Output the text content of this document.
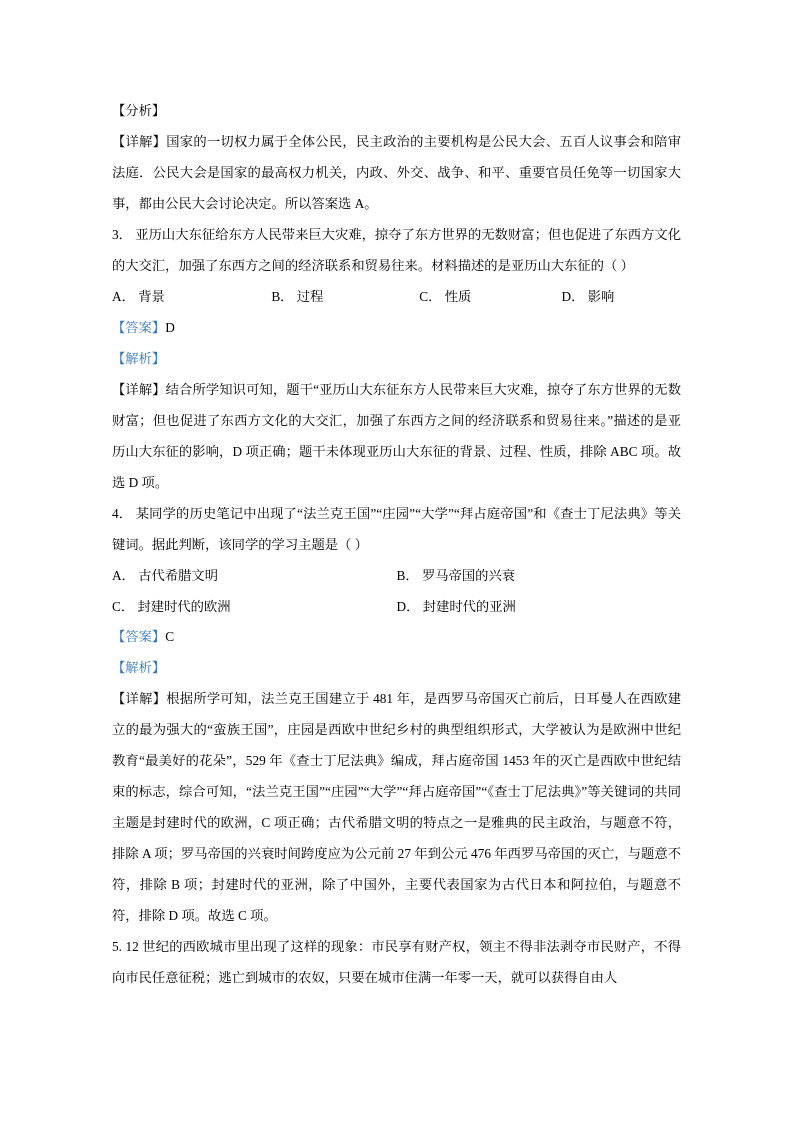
【分析】

【详解】国家的一切权力属于全体公民，民主政治的主要机构是公民大会、五百人议事会和陪审法庭．公民大会是国家的最高权力机关，内政、外交、战争、和平、重要官员任免等一切国家大事，都由公民大会讨论决定。所以答案选 A。

3． 亚历山大东征给东方人民带来巨大灾难，掠夺了东方世界的无数财富；但也促进了东西方文化的大交汇，加强了东西方之间的经济联系和贸易往来。材料描述的是亚历山大东征的（ ）

A． 背景	B． 过程	C． 性质	D． 影响

【答案】D

【解析】

【详解】结合所学知识可知，题干“亚历山大东征东方人民带来巨大灾难，掠夺了东方世界的无数财富；但也促进了东西方文化的大交汇，加强了东西方之间的经济联系和贸易往来。”描述的是亚历山大东征的影响，D 项正确；题干未体现亚历山大东征的背景、过程、性质，排除 ABC 项。故选 D 项。

4． 某同学的历史笔记中出现了“法兰克王国”“庄园”“大学”“拜占庭帝国”和《查士丁尼法典》等关键词。据此判断，该同学的学习主题是（ ）

A． 古代希腊文明	B． 罗马帝国的兴衰

C． 封建时代的欧洲	D． 封建时代的亚洲

【答案】C

【解析】

【详解】根据所学可知，法兰克王国建立于 481 年，是西罗马帝国灭亡前后，日耳曼人在西欧建立的最为强大的“蛮族王国”，庄园是西欧中世纪乡村的典型组织形式，大学被认为是欧洲中世纪教育“最美好的花朵”，529 年《查士丁尼法典》编成，拜占庭帝国 1453 年的灭亡是西欧中世纪结束的标志，综合可知，“法兰克王国”“庄园”“大学”“拜占庭帝国”“《查士丁尼法典》”等关键词的共同主题是封建时代的欧洲，C 项正确；古代希腊文明的特点之一是雅典的民主政治，与题意不符，排除 A 项；罗马帝国的兴衰时间跨度应为公元前 27 年到公元 476 年西罗马帝国的灭亡，与题意不符，排除 B 项；封建时代的亚洲，除了中国外，主要代表国家为古代日本和阿拉伯，与题意不符，排除 D 项。故选 C 项。

5. 12 世纪的西欧城市里出现了这样的现象：市民享有财产权，领主不得非法剥夺市民财产，不得向市民任意征税；逃亡到城市的农奴，只要在城市住满一年零一天，就可以获得自由人
